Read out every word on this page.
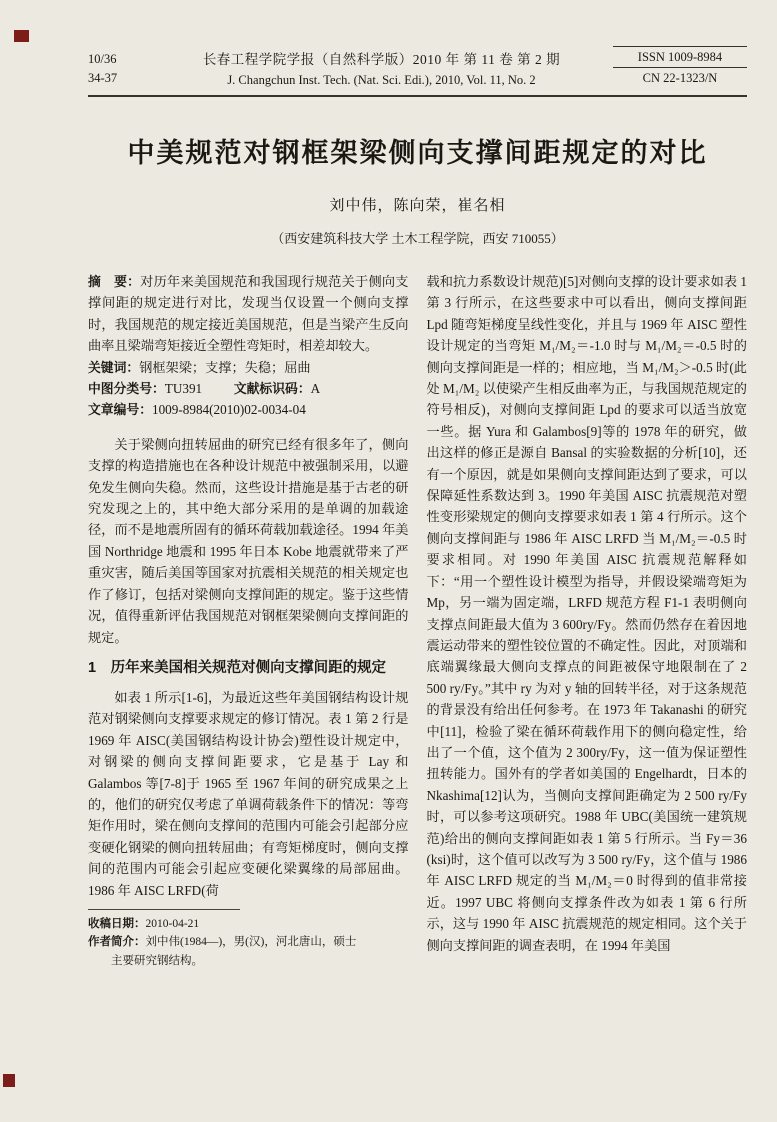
10/36
34-37
长春工程学院学报（自然科学版）2010 年 第 11 卷 第 2 期
J. Changchun Inst. Tech. (Nat. Sci. Edi.), 2010, Vol. 11, No. 2
ISSN 1009-8984
CN 22-1323/N
中美规范对钢框架梁侧向支撑间距规定的对比
刘中伟，陈向荣，崔名相
（西安建筑科技大学 土木工程学院，西安 710055）

摘　要：对历年来美国规范和我国现行规范关于侧向支撑间距的规定进行对比，发现当仅设置一个侧向支撑时，我国规范的规定接近美国规范，但是当梁产生反向曲率且梁端弯矩接近全塑性弯矩时，相差却较大。

关键词：钢框架梁；支撑；失稳；屈曲

中图分类号：TU391 文献标识码：A

文章编号：1009-8984(2010)02-0034-04

关于梁侧向扭转屈曲的研究已经有很多年了，侧向支撑的构造措施也在各种设计规范中被强制采用，以避免发生侧向失稳。然而，这些设计措施是基于古老的研究发现之上的，其中绝大部分采用的是单调的加载途径，而不是地震所固有的循环荷载加载途径。1994 年美国 Northridge 地震和 1995 年日本 Kobe 地震就带来了严重灾害，随后美国等国家对抗震相关规范的相关规定也作了修订，包括对梁侧向支撑间距的规定。鉴于这些情况，值得重新评估我国规范对钢框架梁侧向支撑间距的规定。

1　历年来美国相关规范对侧向支撑间距的规定

如表 1 所示[1-6]，为最近这些年美国钢结构设计规范对钢梁侧向支撑要求规定的修订情况。表 1 第 2 行是 1969 年 AISC(美国钢结构设计协会)塑性设计规定中，对钢梁的侧向支撑间距要求，它是基于 Lay 和 Galambos 等[7-8]于 1965 至 1967 年间的研究成果之上的，他们的研究仅考虑了单调荷载条件下的情况：等弯矩作用时，梁在侧向支撑间的范围内可能会引起部分应变硬化钢梁的侧向扭转屈曲；有弯矩梯度时，侧向支撑间的范围内可能会引起应变硬化梁翼缘的局部屈曲。1986 年 AISC LRFD(荷

收稿日期：2010-04-21

作者简介：刘中伟(1984—)，男(汉)，河北唐山，硕士

主要研究钢结构。

载和抗力系数设计规范)[5]对侧向支撑的设计要求如表 1 第 3 行所示，在这些要求中可以看出，侧向支撑间距 Lpd 随弯矩梯度呈线性变化，并且与 1969 年 AISC 塑性设计规定的当弯矩 M₁/M₂＝-1.0 时与 M₁/M₂＝-0.5 时的侧向支撑间距是一样的；相应地，当 M₁/M₂＞-0.5 时(此处 M₁/M₂ 以使梁产生相反曲率为正，与我国规范规定的符号相反)，对侧向支撑间距 Lpd 的要求可以适当放宽一些。据 Yura 和 Galambos[9]等的 1978 年的研究，做出这样的修正是源自 Bansal 的实验数据的分析[10]，还有一个原因，就是如果侧向支撑间距达到了要求，可以保障延性系数达到 3。1990 年美国 AISC 抗震规范对塑性变形梁规定的侧向支撑要求如表 1 第 4 行所示。这个侧向支撑间距与 1986 年 AISC LRFD 当 M₁/M₂＝-0.5 时要求相同。对 1990 年美国 AISC 抗震规范解释如下：“用一个塑性设计模型为指导，并假设梁端弯矩为 Mp，另一端为固定端，LRFD 规范方程 F1-1 表明侧向支撑点间距最大值为 3 600ry/Fy。然而仍然存在着因地震运动带来的塑性铰位置的不确定性。因此，对顶端和底端翼缘最大侧向支撑点的间距被保守地限制在了 2 500 ry/Fy。”其中 ry 为对 y 轴的回转半径，对于这条规范的背景没有给出任何参考。在 1973 年 Takanashi 的研究中[11]，检验了梁在循环荷载作用下的侧向稳定性，给出了一个值，这个值为 2 300ry/Fy，这一值为保证塑性扭转能力。国外有的学者如美国的 Engelhardt，日本的 Nkashima[12]认为，当侧向支撑间距确定为 2 500 ry/Fy 时，可以参考这项研究。1988 年 UBC(美国统一建筑规范)给出的侧向支撑间距如表 1 第 5 行所示。当 Fy＝36 (ksi)时，这个值可以改写为 3 500 ry/Fy，这个值与 1986 年 AISC LRFD 规定的当 M₁/M₂＝0 时得到的值非常接近。1997 UBC 将侧向支撑条件改为如表 1 第 6 行所示，这与 1990 年 AISC 抗震规范的规定相同。这个关于侧向支撑间距的调查表明，在 1994 年美国
